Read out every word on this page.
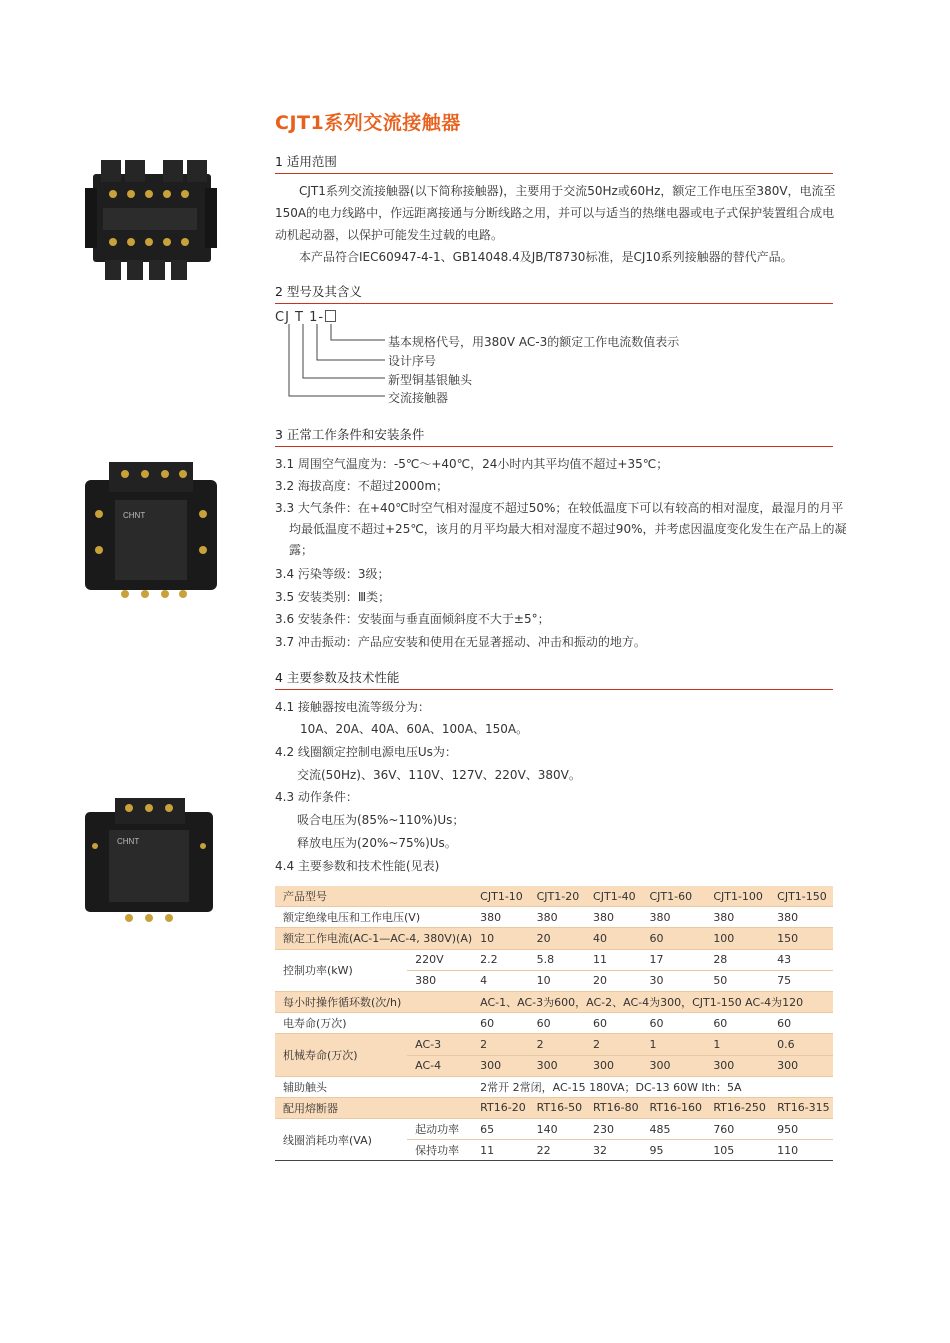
CJT1系列交流接触器
CHNT
CHNT
1 适用范围

CJT1系列交流接触器(以下简称接触器)，主要用于交流50Hz或60Hz，额定工作电压至380V，电流至150A的电力线路中，作远距离接通与分断线路之用，并可以与适当的热继电器或电子式保护装置组合成电动机起动器，以保护可能发生过载的电路。

本产品符合IEC60947-4-1、GB14048.4及JB/T8730标准，是CJ10系列接触器的替代产品。

2 型号及其含义
CJ T 1-
基本规格代号，用380V AC-3的额定工作电流数值表示
设计序号
新型铜基银触头
交流接触器
3 正常工作条件和安装条件
3.1 周围空气温度为：-5℃～+40℃，24小时内其平均值不超过+35℃；
3.2 海拔高度：不超过2000m；
3.3 大气条件：在+40℃时空气相对湿度不超过50%；在较低温度下可以有较高的相对湿度，最湿月的月平均最低温度不超过+25℃，该月的月平均最大相对湿度不超过90%，并考虑因温度变化发生在产品上的凝露；
3.4 污染等级：3级；
3.5 安装类别：Ⅲ类；
3.6 安装条件：安装面与垂直面倾斜度不大于±5°；
3.7 冲击振动：产品应安装和使用在无显著摇动、冲击和振动的地方。
4 主要参数及技术性能
4.1 接触器按电流等级分为：
10A、20A、40A、60A、100A、150A。
4.2 线圈额定控制电源电压Us为：
交流(50Hz)、36V、110V、127V、220V、380V。
4.3 动作条件：
吸合电压为(85%~110%)Us；
释放电压为(20%~75%)Us。
4.4 主要参数和技术性能(见表)
产品型号		CJT1-10	CJT1-20	CJT1-40	CJT1-60	CJT1-100	CJT1-150
额定绝缘电压和工作电压(V)		380	380	380	380	380	380
额定工作电流(AC-1—AC-4, 380V)(A)		10	20	40	60	100	150
控制功率(kW)	220V	2.2	5.8	11	17	28	43
	380	4	10	20	30	50	75
每小时操作循环数(次/h)		AC-1、AC-3为600，AC-2、AC-4为300，CJT1-150 AC-4为120					
电寿命(万次)		60	60	60	60	60	60
机械寿命(万次)	AC-3	2	2	2	1	1	0.6
	AC-4	300	300	300	300	300	300
辅助触头		2常开 2常闭，AC-15 180VA；DC-13 60W Ith：5A					
配用熔断器		RT16-20	RT16-50	RT16-80	RT16-160	RT16-250	RT16-315
线圈消耗功率(VA)	起动功率	65	140	230	485	760	950
	保持功率	11	22	32	95	105	110
